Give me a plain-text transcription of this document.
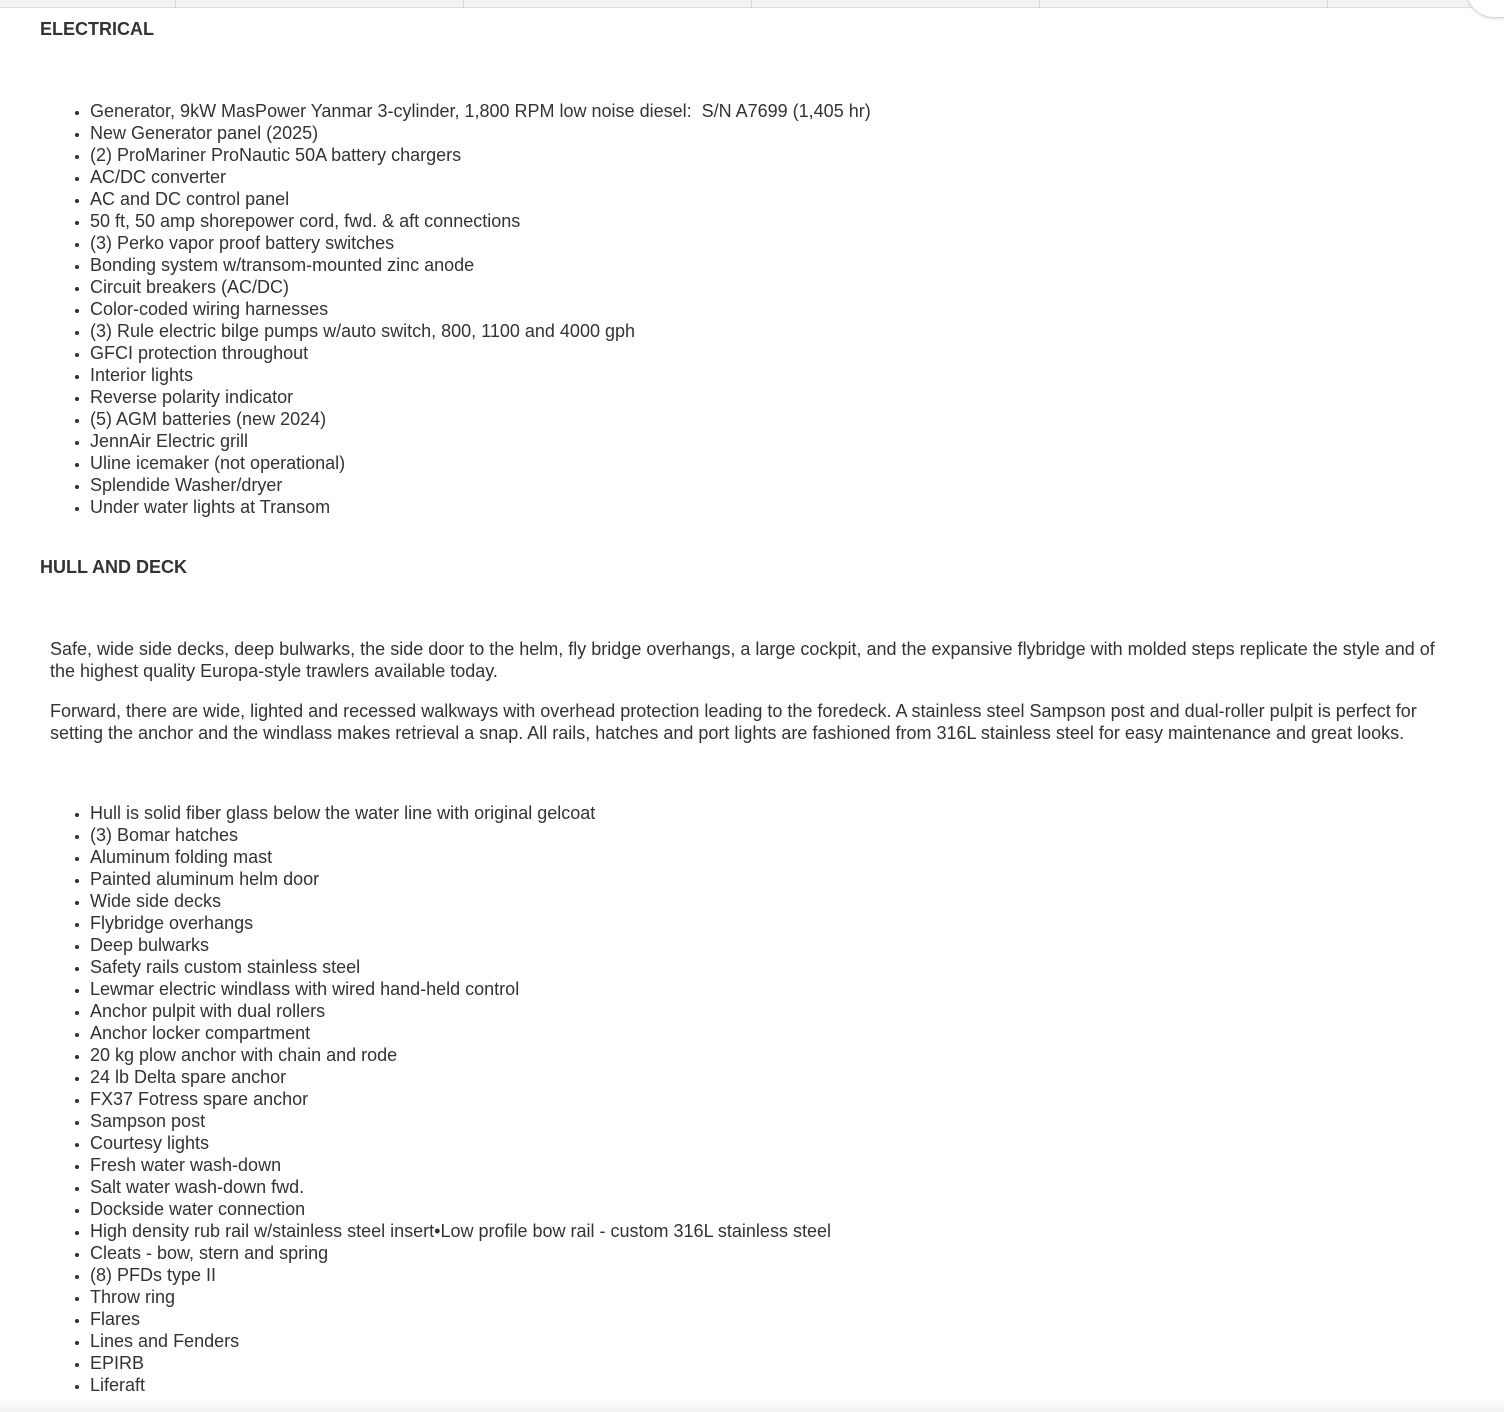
ELECTRICAL
• Generator, 9kW MasPower Yanmar 3-cylinder, 1,800 RPM low noise diesel:  S/N A7699 (1,405 hr)
• New Generator panel (2025)
• (2) ProMariner ProNautic 50A battery chargers
• AC/DC converter
• AC and DC control panel
• 50 ft, 50 amp shorepower cord, fwd. & aft connections
• (3) Perko vapor proof battery switches
• Bonding system w/transom-mounted zinc anode
• Circuit breakers (AC/DC)
• Color-coded wiring harnesses
• (3) Rule electric bilge pumps w/auto switch, 800, 1100 and 4000 gph
• GFCI protection throughout
• Interior lights
• Reverse polarity indicator
• (5) AGM batteries (new 2024)
• JennAir Electric grill
• Uline icemaker (not operational)
• Splendide Washer/dryer
• Under water lights at Transom
HULL AND DECK

Safe, wide side decks, deep bulwarks, the side door to the helm, fly bridge overhangs, a large cockpit, and the expansive flybridge with molded steps replicate the style and of the highest quality Europa-style trawlers available today.

Forward, there are wide, lighted and recessed walkways with overhead protection leading to the foredeck. A stainless steel Sampson post and dual-roller pulpit is perfect for setting the anchor and the windlass makes retrieval a snap. All rails, hatches and port lights are fashioned from 316L stainless steel for easy maintenance and great looks.

• Hull is solid fiber glass below the water line with original gelcoat
• (3) Bomar hatches
• Aluminum folding mast
• Painted aluminum helm door
• Wide side decks
• Flybridge overhangs
• Deep bulwarks
• Safety rails custom stainless steel
• Lewmar electric windlass with wired hand-held control
• Anchor pulpit with dual rollers
• Anchor locker compartment
• 20 kg plow anchor with chain and rode
• 24 lb Delta spare anchor
• FX37 Fotress spare anchor
• Sampson post
• Courtesy lights
• Fresh water wash-down
• Salt water wash-down fwd.
• Dockside water connection
• High density rub rail w/stainless steel insert•Low profile bow rail - custom 316L stainless steel
• Cleats - bow, stern and spring
• (8) PFDs type II
• Throw ring
• Flares
• Lines and Fenders
• EPIRB
• Liferaft
